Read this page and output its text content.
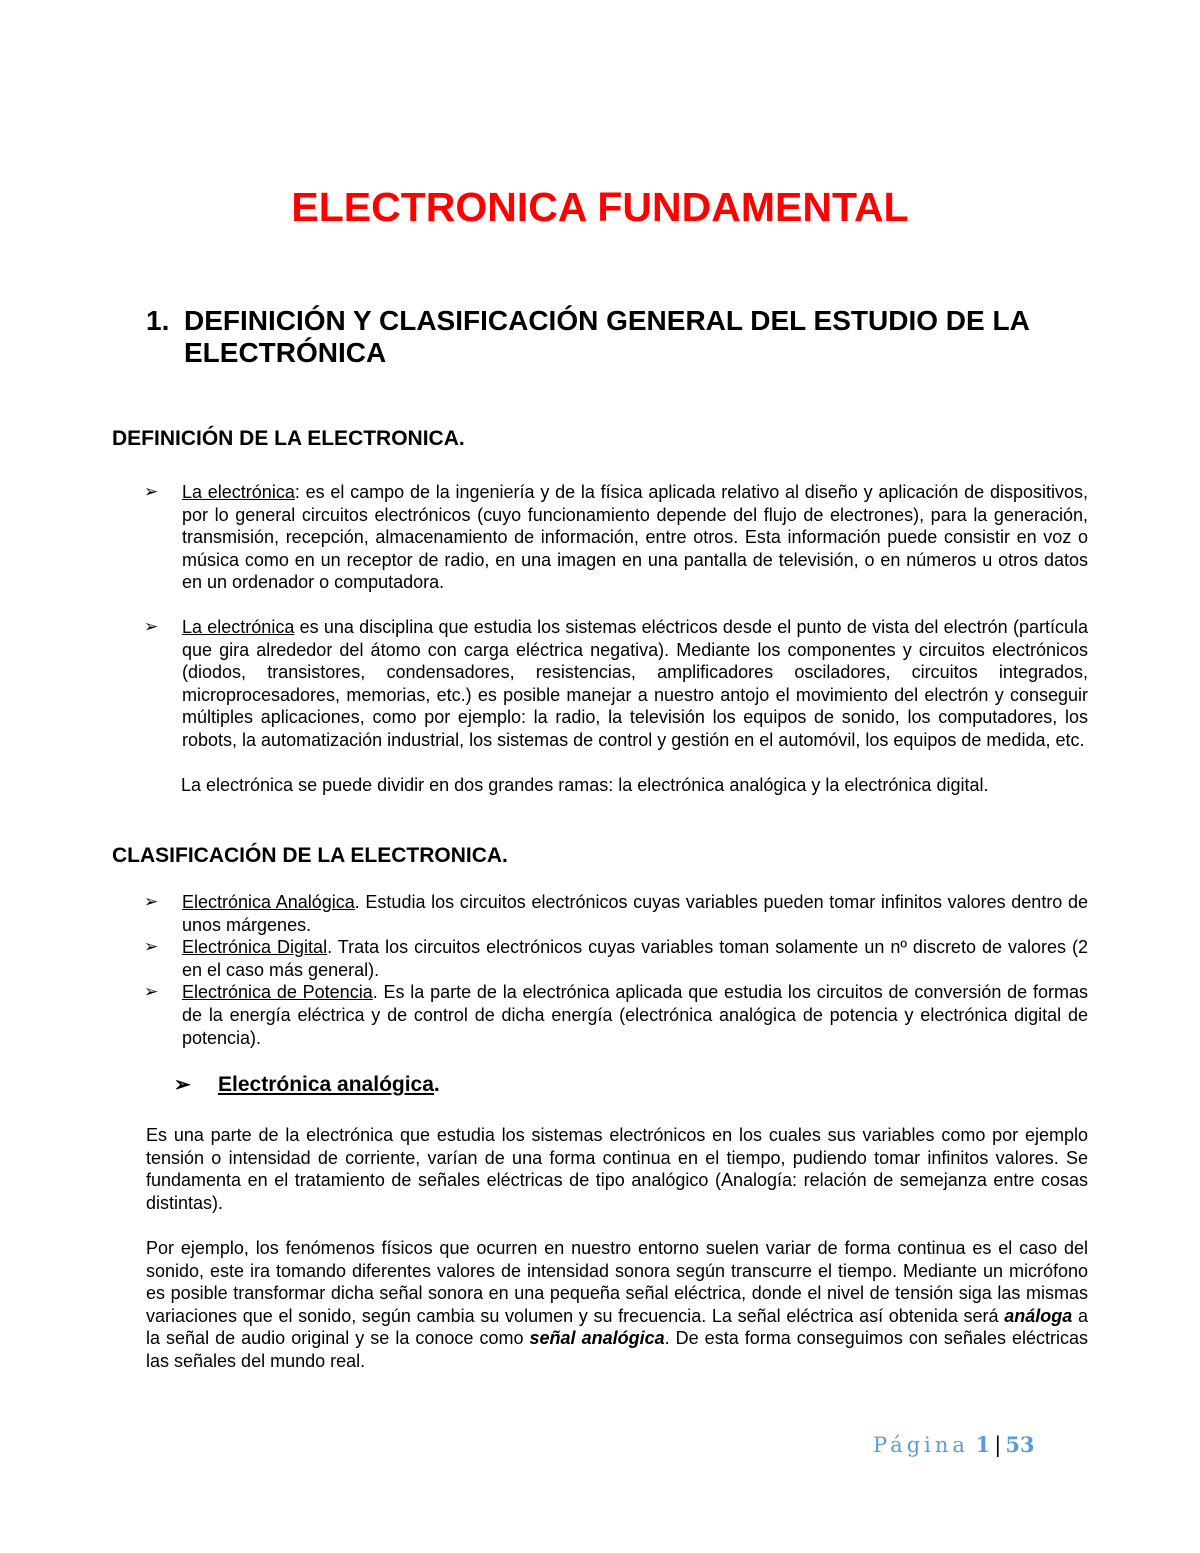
ELECTRONICA FUNDAMENTAL
1. DEFINICIÓN Y CLASIFICACIÓN GENERAL DEL ESTUDIO DE LA ELECTRÓNICA
DEFINICIÓN DE LA ELECTRONICA.
➢ La electrónica: es el campo de la ingeniería y de la física aplicada relativo al diseño y aplicación de dispositivos, por lo general circuitos electrónicos (cuyo funcionamiento depende del flujo de electrones), para la generación, transmisión, recepción, almacenamiento de información, entre otros. Esta información puede consistir en voz o música como en un receptor de radio, en una imagen en una pantalla de televisión, o en números u otros datos en un ordenador o computadora.
➢ La electrónica es una disciplina que estudia los sistemas eléctricos desde el punto de vista del electrón (partícula que gira alrededor del átomo con carga eléctrica negativa). Mediante los componentes y circuitos electrónicos (diodos, transistores, condensadores, resistencias, amplificadores osciladores, circuitos integrados, microprocesadores, memorias, etc.) es posible manejar a nuestro antojo el movimiento del electrón y conseguir múltiples aplicaciones, como por ejemplo: la radio, la televisión los equipos de sonido, los computadores, los robots, la automatización industrial, los sistemas de control y gestión en el automóvil, los equipos de medida, etc.

La electrónica se puede dividir en dos grandes ramas: la electrónica analógica y la electrónica digital.

CLASIFICACIÓN DE LA ELECTRONICA.
➢ Electrónica Analógica. Estudia los circuitos electrónicos cuyas variables pueden tomar infinitos valores dentro de unos márgenes.
➢ Electrónica Digital. Trata los circuitos electrónicos cuyas variables toman solamente un nº discreto de valores (2 en el caso más general).
➢ Electrónica de Potencia. Es la parte de la electrónica aplicada que estudia los circuitos de conversión de formas de la energía eléctrica y de control de dicha energía (electrónica analógica de potencia y electrónica digital de potencia).
➢ Electrónica analógica.

Es una parte de la electrónica que estudia los sistemas electrónicos en los cuales sus variables como por ejemplo tensión o intensidad de corriente, varían de una forma continua en el tiempo, pudiendo tomar infinitos valores. Se fundamenta en el tratamiento de señales eléctricas de tipo analógico (Analogía: relación de semejanza entre cosas distintas).

Por ejemplo, los fenómenos físicos que ocurren en nuestro entorno suelen variar de forma continua es el caso del sonido, este ira tomando diferentes valores de intensidad sonora según transcurre el tiempo. Mediante un micrófono es posible transformar dicha señal sonora en una pequeña señal eléctrica, donde el nivel de tensión siga las mismas variaciones que el sonido, según cambia su volumen y su frecuencia. La señal eléctrica así obtenida será análoga a la señal de audio original y se la conoce como señal analógica. De esta forma conseguimos con señales eléctricas las señales del mundo real.

Página 1 | 53
